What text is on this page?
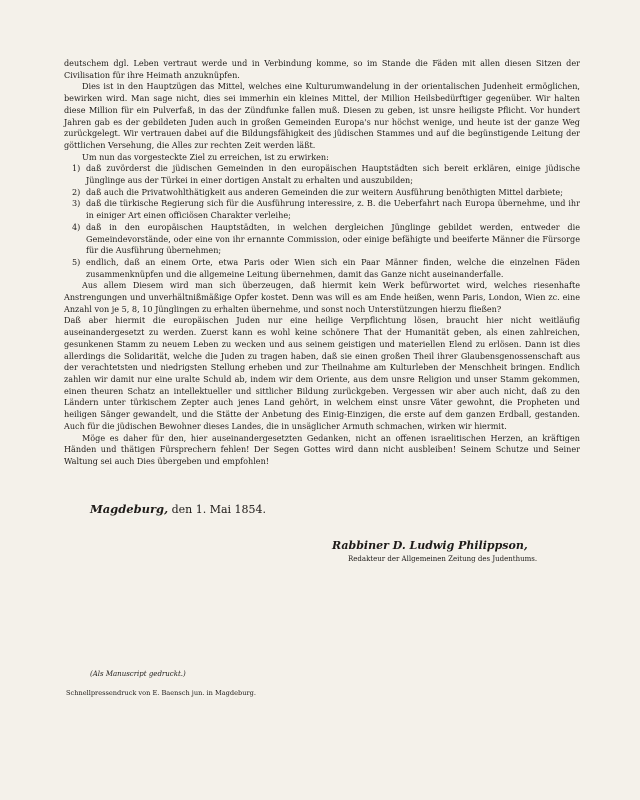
deutschem dgl. Leben vertraut werde und in Verbindung komme, so im Stande die Fäden mit allen diesen Sitzen der Civilisation für ihre Heimath anzuknüpfen.

Dies ist in den Hauptzügen das Mittel, welches eine Kulturumwandelung in der orientalischen Judenheit ermöglichen, bewirken wird. Man sage nicht, dies sei immerhin ein kleines Mittel, der Million Heilsbedürftiger gegenüber. Wir halten diese Million für ein Pulverfaß, in das der Zündfunke fallen muß. Diesen zu geben, ist unsre heiligste Pflicht. Vor hundert Jahren gab es der gebildeten Juden auch in großen Gemeinden Europa's nur höchst wenige, und heute ist der ganze Weg zurückgelegt. Wir vertrauen dabei auf die Bildungsfähigkeit des jüdischen Stammes und auf die begünstigende Leitung der göttlichen Versehung, die Alles zur rechten Zeit werden läßt.

Um nun das vorgesteckte Ziel zu erreichen, ist zu erwirken:

1) daß zuvörderst die jüdischen Gemeinden in den europäischen Hauptstädten sich bereit erklären, einige jüdische Jünglinge aus der Türkei in einer dortigen Anstalt zu erhalten und auszubilden;
2) daß auch die Privatwohlthätigkeit aus anderen Gemeinden die zur weitern Ausführung benöthigten Mittel darbiete;
3) daß die türkische Regierung sich für die Ausführung interessire, z. B. die Ueberfahrt nach Europa übernehme, und ihr in einiger Art einen officiösen Charakter verleihe;
4) daß in den europäischen Hauptstädten, in welchen dergleichen Jünglinge gebildet werden, entweder die Gemeindevorstände, oder eine von ihr ernannte Commission, oder einige befähigte und beeiferte Männer die Fürsorge für die Ausführung übernehmen;
5) endlich, daß an einem Orte, etwa Paris oder Wien sich ein Paar Männer finden, welche die einzelnen Fäden zusammenknüpfen und die allgemeine Leitung übernehmen, damit das Ganze nicht auseinanderfalle.

Aus allem Diesem wird man sich überzeugen, daß hiermit kein Werk befürwortet wird, welches riesenhafte Anstrengungen und unverhältnißmäßige Opfer kostet. Denn was will es am Ende heißen, wenn Paris, London, Wien zc. eine Anzahl von je 5, 8, 10 Jünglingen zu erhalten übernehme, und sonst noch Unterstützungen hierzu fließen?

Daß aber hiermit die europäischen Juden nur eine heilige Verpflichtung lösen, braucht hier nicht weitläufig auseinandergesetzt zu werden. Zuerst kann es wohl keine schönere That der Humanität geben, als einen zahlreichen, gesunkenen Stamm zu neuem Leben zu wecken und aus seinem geistigen und materiellen Elend zu erlösen. Dann ist dies allerdings die Solidarität, welche die Juden zu tragen haben, daß sie einen großen Theil ihrer Glaubensgenossenschaft aus der verachtetsten und niedrigsten Stellung erheben und zur Theilnahme am Kulturleben der Menschheit bringen. Endlich zahlen wir damit nur eine uralte Schuld ab, indem wir dem Oriente, aus dem unsre Religion und unser Stamm gekommen, einen theuren Schatz an intellektueller und sittlicher Bildung zurückgeben. Vergessen wir aber auch nicht, daß zu den Ländern unter türkischem Zepter auch jenes Land gehört, in welchem einst unsre Väter gewohnt, die Propheten und heiligen Sänger gewandelt, und die Stätte der Anbetung des Einig-Einzigen, die erste auf dem ganzen Erdball, gestanden. Auch für die jüdischen Bewohner dieses Landes, die in unsäglicher Armuth schmachen, wirken wir hiermit.

Möge es daher für den, hier auseinandergesetzten Gedanken, nicht an offenen israelitischen Herzen, an kräftigen Händen und thätigen Fürsprechern fehlen! Der Segen Gottes wird dann nicht ausbleiben! Seinem Schutze und Seiner Waltung sei auch Dies übergeben und empfohlen!

Magdeburg, den 1. Mai 1854.
Rabbiner D. Ludwig Philippson,
Redakteur der Allgemeinen Zeitung des Judenthums.
(Als Manuscript gedruckt.)
Schnellpressendruck von E. Baensch jun. in Magdeburg.
